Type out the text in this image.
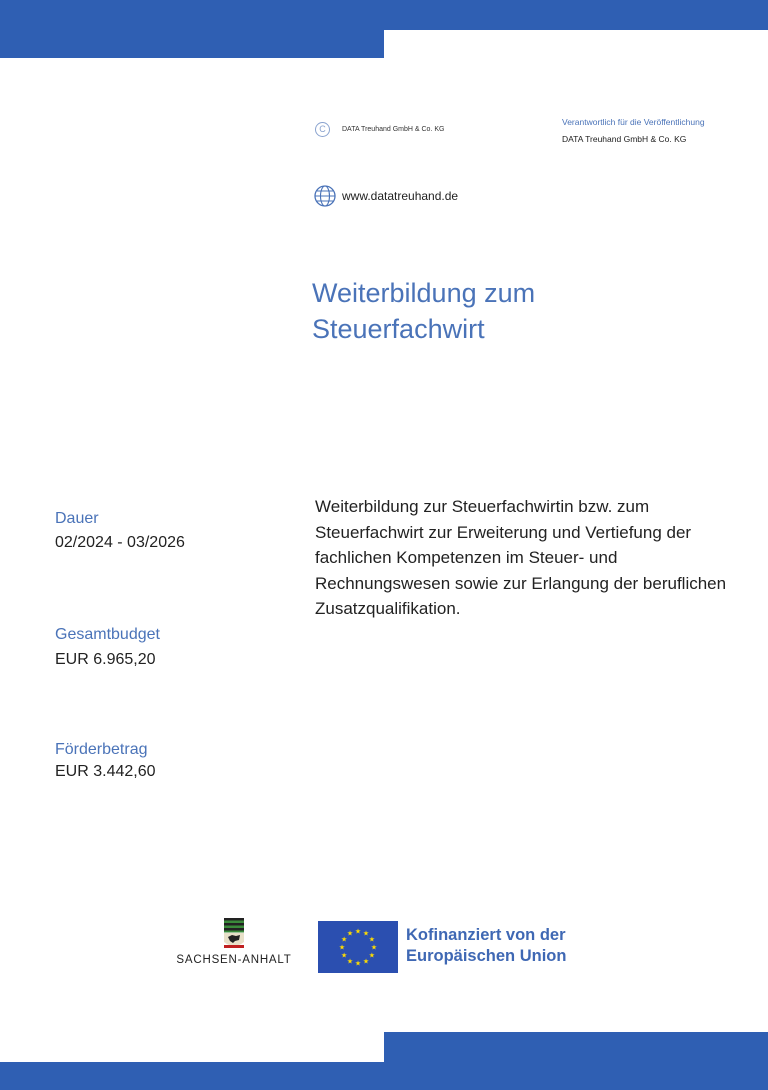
C	DATA Treuhand GmbH & Co. KG
Verantwortlich für die Veröffentlichung
DATA Treuhand GmbH & Co. KG
www.datatreuhand.de
Weiterbildung zum
Steuerfachwirt
Dauer
02/2024 - 03/2026
Gesamtbudget
EUR 6.965,20
Förderbetrag
EUR 3.442,60
Weiterbildung zur Steuerfachwirtin bzw. zum Steuerfachwirt zur Erweiterung und Vertiefung der fachlichen Kompetenzen im Steuer- und Rechnungswesen sowie zur Erlangung der beruflichen Zusatzqualifikation.
SACHSEN-ANHALT
★ ★
★
★
★
★
★
★
★
★
★
★	Kofinanziert von der
Europäischen Union
